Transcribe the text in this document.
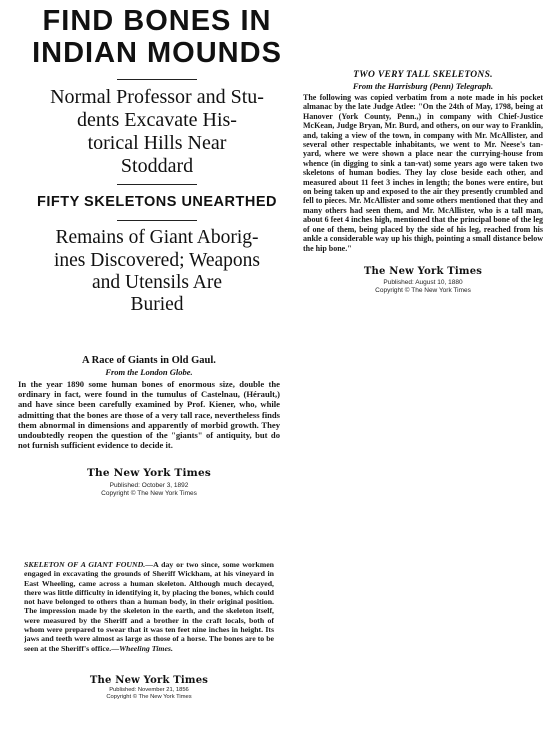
FIND BONES IN
INDIAN MOUNDS
Normal Professor and Stu-
dents Excavate His-
torical Hills Near
Stoddard
FIFTY SKELETONS UNEARTHED
Remains of Giant Aborig-
ines Discovered; Weapons
and Utensils Are
Buried
A Race of Giants in Old Gaul.
From the London Globe.
In the year 1890 some human bones of enormous size, double the ordinary in fact, were found in the tumulus of Castelnau, (Hérault,) and have since been carefully examined by Prof. Kiener, who, while admitting that the bones are those of a very tall race, nevertheless finds them abnormal in dimensions and apparently of morbid growth. They undoubtedly reopen the question of the "giants" of antiquity, but do not furnish sufficient evidence to decide it.
The New York Times
Published: October 3, 1892
Copyright © The New York Times
SKELETON OF A GIANT FOUND.—A day or two since, some workmen engaged in excavating the grounds of Sheriff Wickham, at his vineyard in East Wheeling, came across a human skeleton. Although much decayed, there was little difficulty in identifying it, by placing the bones, which could not have belonged to others than a human body, in their original position. The impression made by the skeleton in the earth, and the skeleton itself, were measured by the Sheriff and a brother in the craft locals, both of whom were prepared to swear that it was ten feet nine inches in height. Its jaws and teeth were almost as large as those of a horse. The bones are to be seen at the Sheriff's office.—Wheeling Times.
The New York Times
Published: November 21, 1856
Copyright © The New York Times
TWO VERY TALL SKELETONS.
From the Harrisburg (Penn) Telegraph.
The following was copied verbatim from a note made in his pocket almanac by the late Judge Atlee: "On the 24th of May, 1798, being at Hanover (York County, Penn.,) in company with Chief-Justice McKean, Judge Bryan, Mr. Burd, and others, on our way to Franklin, and, taking a view of the town, in company with Mr. McAllister, and several other respectable inhabitants, we went to Mr. Neese's tan-yard, where we were shown a place near the currying-house from whence (in digging to sink a tan-vat) some years ago were taken two skeletons of human bodies. They lay close beside each other, and measured about 11 feet 3 inches in length; the bones were entire, but on being taken up and exposed to the air they presently crumbled and fell to pieces. Mr. McAllister and some others mentioned that they and many others had seen them, and Mr. McAllister, who is a tall man, about 6 feet 4 inches high, mentioned that the principal bone of the leg of one of them, being placed by the side of his leg, reached from his ankle a considerable way up his thigh, pointing a small distance below the hip bone."
The New York Times
Published: August 10, 1880
Copyright © The New York Times
